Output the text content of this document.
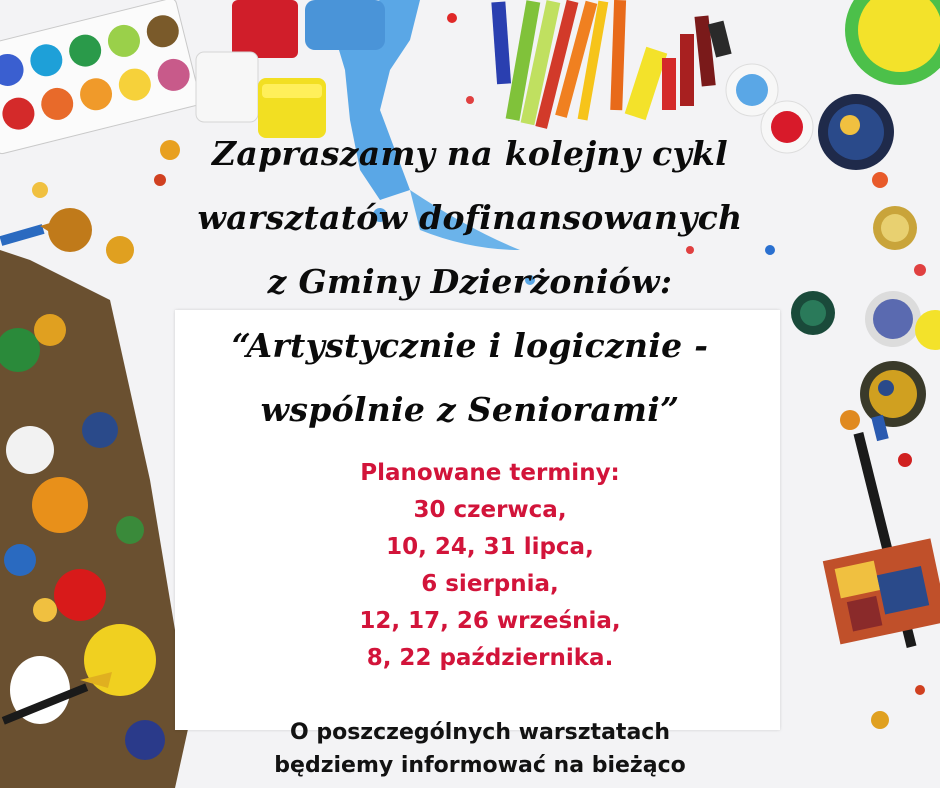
Zapraszamy na kolejny cykl
warsztatów dofinansowanych
z Gminy Dzierżoniów:
“Artystycznie i logicznie -
wspólnie z Seniorami”
Planowane terminy:
30 czerwca,
10, 24, 31 lipca,
6 sierpnia,
12, 17, 26 września,
8, 22 października.
O poszczególnych warsztatach
będziemy informować na bieżąco
